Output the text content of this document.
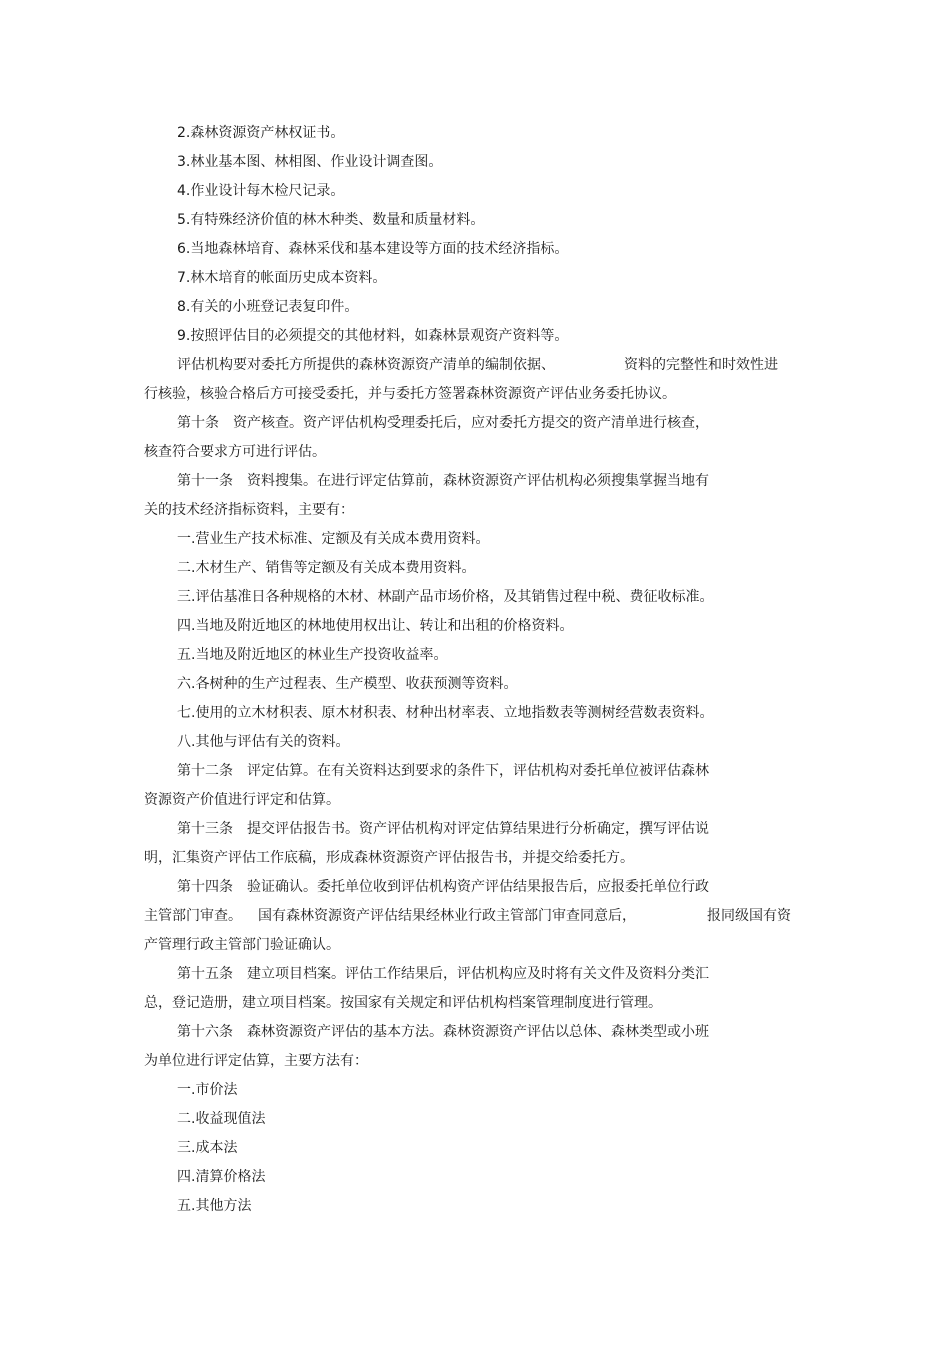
2.森林资源资产林权证书。
3.林业基本图、林相图、作业设计调查图。
4.作业设计每木检尺记录。
5.有特殊经济价值的林木种类、数量和质量材料。
6.当地森林培育、森林采伐和基本建设等方面的技术经济指标。
7.林木培育的帐面历史成本资料。
8.有关的小班登记表复印件。
9.按照评估目的必须提交的其他材料，如森林景观资产资料等。
评估机构要对委托方所提供的森林资源资产清单的编制依据、	资料的完整性和时效性进
行核验，核验合格后方可接受委托，并与委托方签署森林资源资产评估业务委托协议。
第十条　资产核查。资产评估机构受理委托后，应对委托方提交的资产清单进行核查，
核查符合要求方可进行评估。
第十一条　资料搜集。在进行评定估算前，森林资源资产评估机构必须搜集掌握当地有
关的技术经济指标资料，主要有：
一.营业生产技术标准、定额及有关成本费用资料。
二.木材生产、销售等定额及有关成本费用资料。
三.评估基准日各种规格的木材、林副产品市场价格，及其销售过程中税、费征收标准。
四.当地及附近地区的林地使用权出让、转让和出租的价格资料。
五.当地及附近地区的林业生产投资收益率。
六.各树种的生产过程表、生产模型、收获预测等资料。
七.使用的立木材积表、原木材积表、材种出材率表、立地指数表等测树经营数表资料。
八.其他与评估有关的资料。
第十二条　评定估算。在有关资料达到要求的条件下，评估机构对委托单位被评估森林
资源资产价值进行评定和估算。
第十三条　提交评估报告书。资产评估机构对评定估算结果进行分析确定，撰写评估说
明，汇集资产评估工作底稿，形成森林资源资产评估报告书，并提交给委托方。
第十四条　验证确认。委托单位收到评估机构资产评估结果报告后，应报委托单位行政
主管部门审查。 国有森林资源资产评估结果经林业行政主管部门审查同意后，	报同级国有资
产管理行政主管部门验证确认。
第十五条　建立项目档案。评估工作结果后，评估机构应及时将有关文件及资料分类汇
总，登记造册，建立项目档案。按国家有关规定和评估机构档案管理制度进行管理。
第十六条　森林资源资产评估的基本方法。森林资源资产评估以总体、森林类型或小班
为单位进行评定估算，主要方法有：
一.市价法
二.收益现值法
三.成本法
四.清算价格法
五.其他方法
